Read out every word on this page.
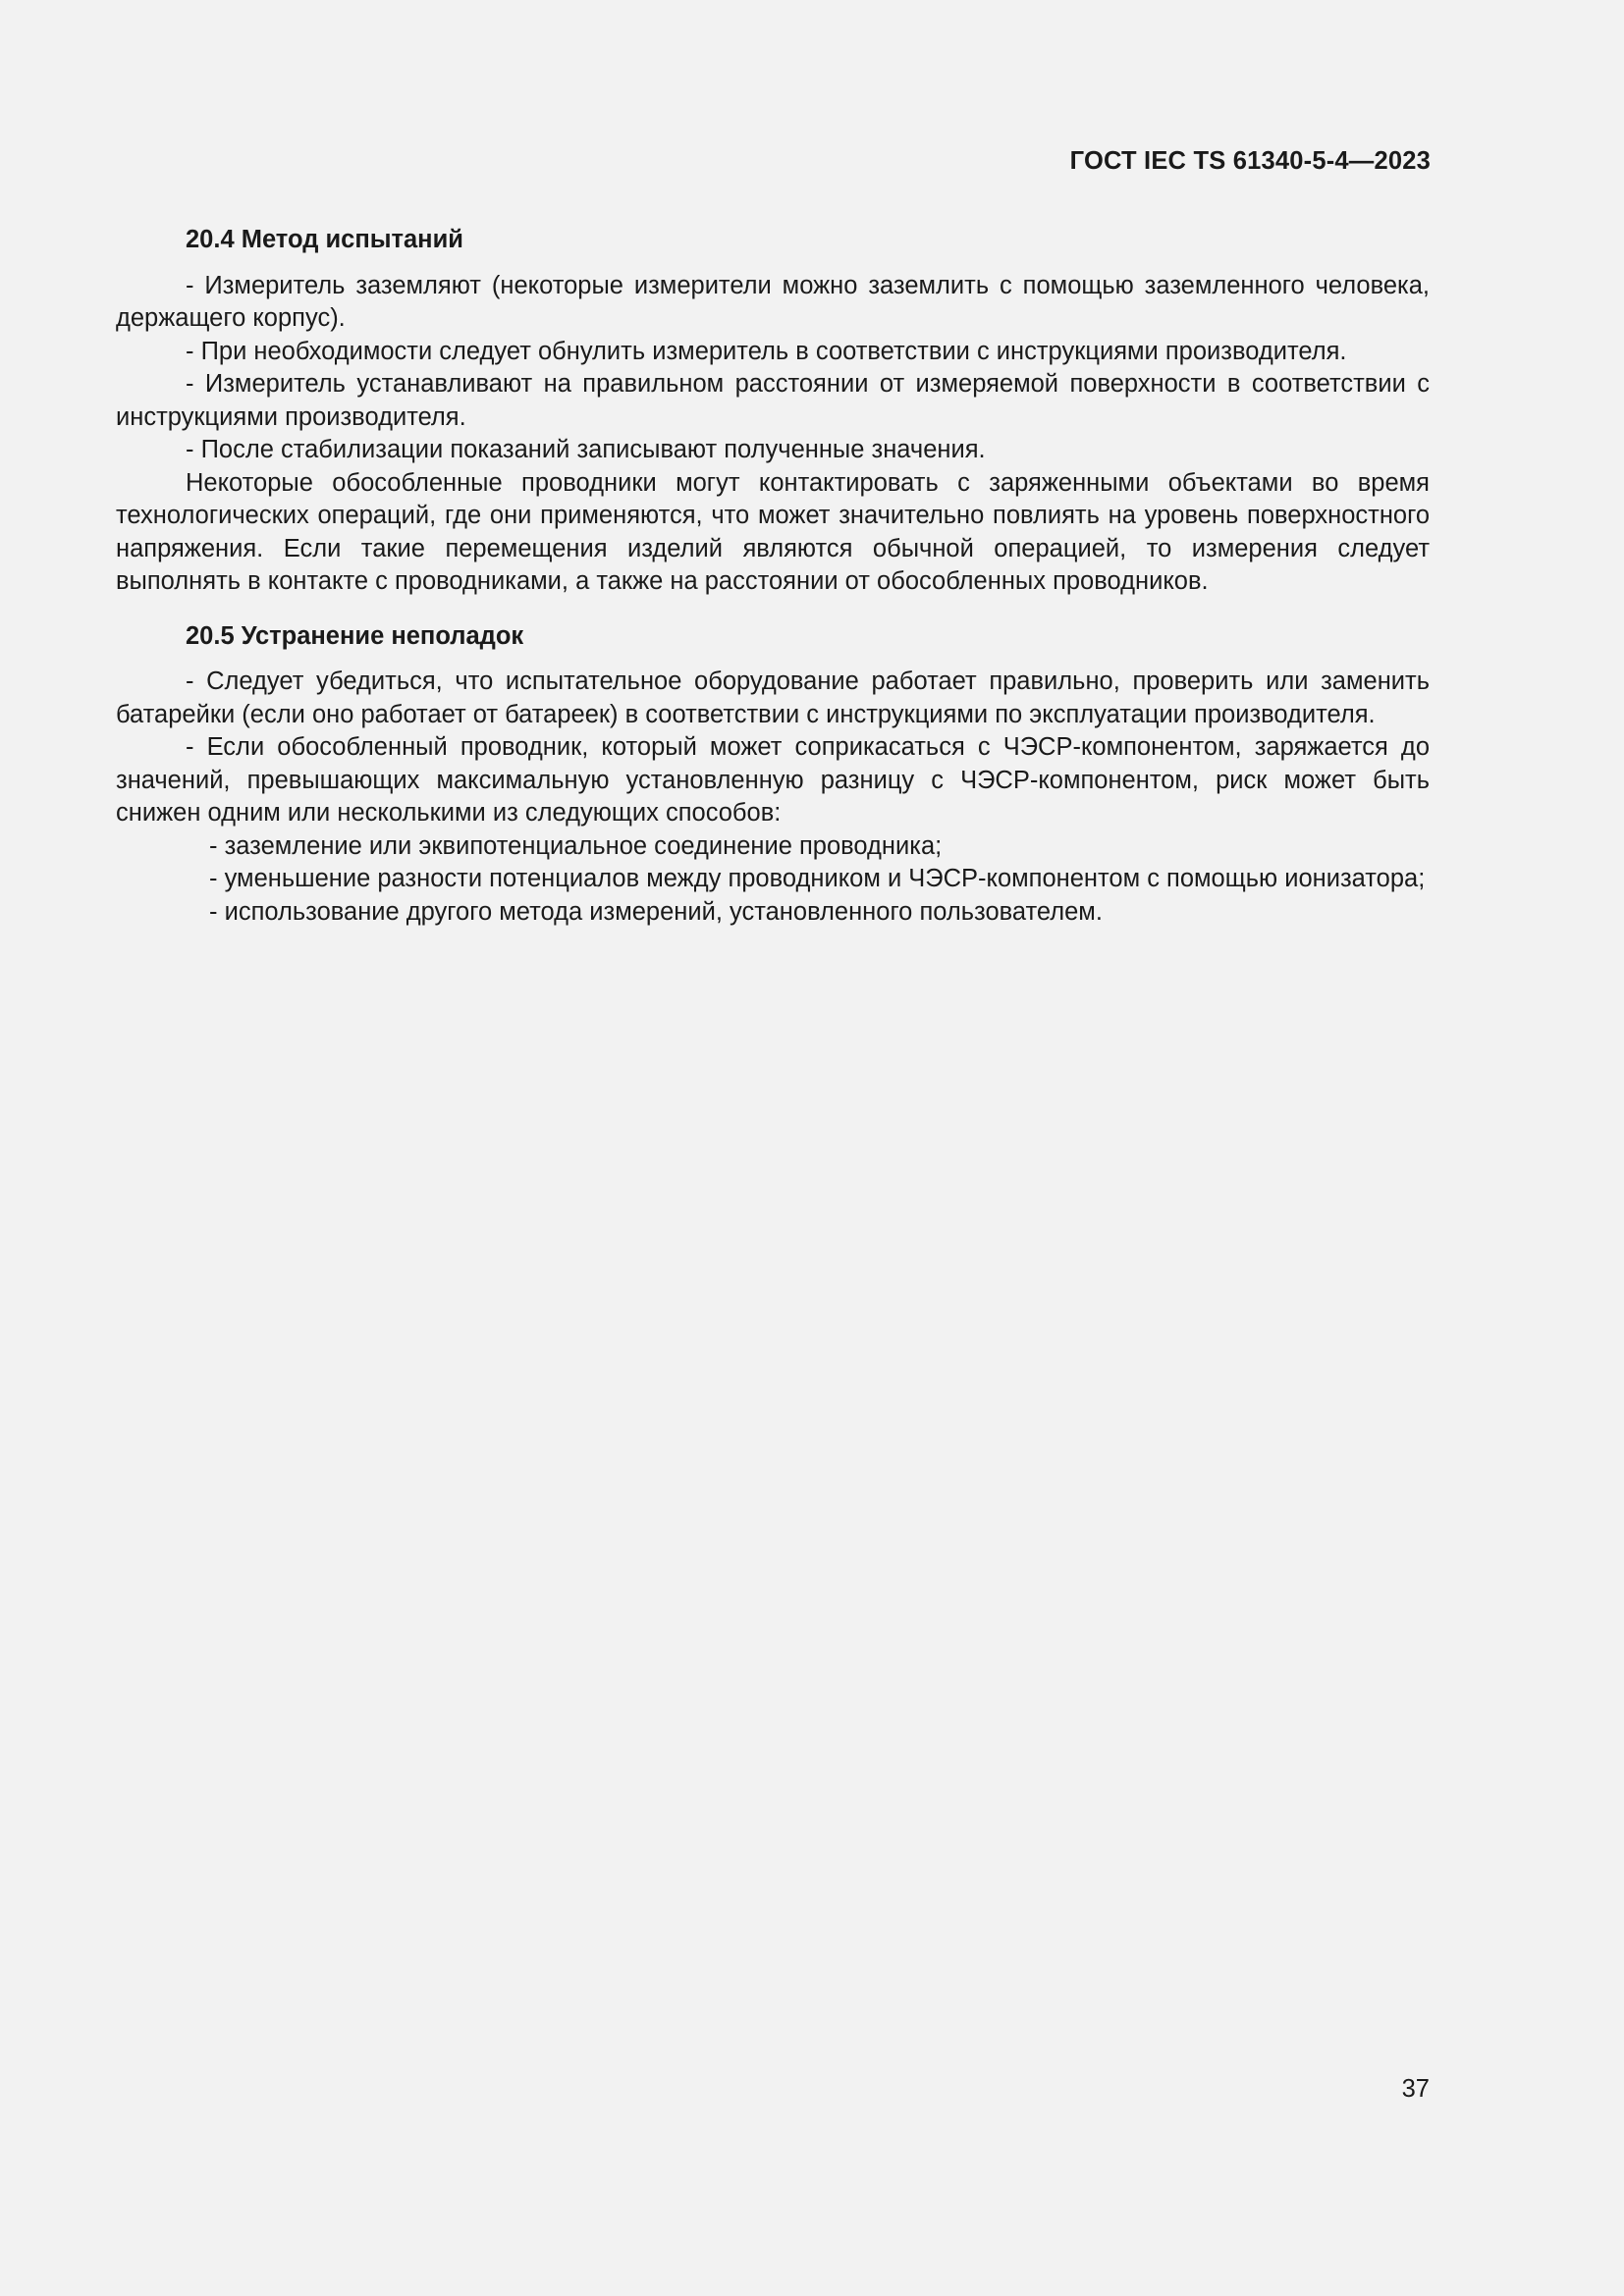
ГОСТ IEC TS 61340-5-4—2023
20.4 Метод испытаний

- Измеритель заземляют (некоторые измерители можно заземлить с помощью заземленного человека, держащего корпус).

- При необходимости следует обнулить измеритель в соответствии с инструкциями производителя.

- Измеритель устанавливают на правильном расстоянии от измеряемой поверхности в соответствии с инструкциями производителя.

- После стабилизации показаний записывают полученные значения.

Некоторые обособленные проводники могут контактировать с заряженными объектами во время технологических операций, где они применяются, что может значительно повлиять на уровень поверхностного напряжения. Если такие перемещения изделий являются обычной операцией, то измерения следует выполнять в контакте с проводниками, а также на расстоянии от обособленных проводников.

20.5 Устранение неполадок

- Следует убедиться, что испытательное оборудование работает правильно, проверить или заменить батарейки (если оно работает от батареек) в соответствии с инструкциями по эксплуатации производителя.

- Если обособленный проводник, который может соприкасаться с ЧЭСР-компонентом, заряжается до значений, превышающих максимальную установленную разницу с ЧЭСР-компонентом, риск может быть снижен одним или несколькими из следующих способов:

- заземление или эквипотенциальное соединение проводника;

- уменьшение разности потенциалов между проводником и ЧЭСР-компонентом с помощью ионизатора;

- использование другого метода измерений, установленного пользователем.

37
